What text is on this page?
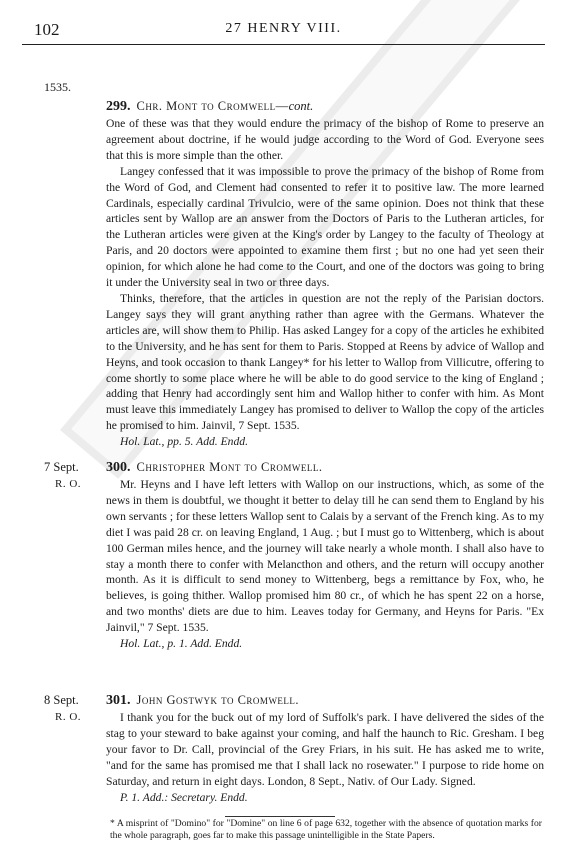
102	27 HENRY VIII.
1535.
299. Chr. Mont to Cromwell—cont.

One of these was that they would endure the primacy of the bishop of Rome to preserve an agreement about doctrine, if he would judge according to the Word of God. Everyone sees that this is more simple than the other.

Langey confessed that it was impossible to prove the primacy of the bishop of Rome from the Word of God, and Clement had consented to refer it to positive law. The more learned Cardinals, especially cardinal Trivulcio, were of the same opinion. Does not think that these articles sent by Wallop are an answer from the Doctors of Paris to the Lutheran articles, for the Lutheran articles were given at the King's order by Langey to the faculty of Theology at Paris, and 20 doctors were appointed to examine them first ; but no one had yet seen their opinion, for which alone he had come to the Court, and one of the doctors was going to bring it under the University seal in two or three days.

Thinks, therefore, that the articles in question are not the reply of the Parisian doctors. Langey says they will grant anything rather than agree with the Germans. Whatever the articles are, will show them to Philip. Has asked Langey for a copy of the articles he exhibited to the University, and he has sent for them to Paris. Stopped at Reens by advice of Wallop and Heyns, and took occasion to thank Langey* for his letter to Wallop from Villicutre, offering to come shortly to some place where he will be able to do good service to the king of England ; adding that Henry had accordingly sent him and Wallop hither to confer with him. As Mont must leave this immediately Langey has promised to deliver to Wallop the copy of the articles he promised to him. Jainvil, 7 Sept. 1535.

Hol. Lat., pp. 5. Add. Endd.
7 Sept.
R. O.
300. Christopher Mont to Cromwell.

Mr. Heyns and I have left letters with Wallop on our instructions, which, as some of the news in them is doubtful, we thought it better to delay till he can send them to England by his own servants ; for these letters Wallop sent to Calais by a servant of the French king. As to my diet I was paid 28 cr. on leaving England, 1 Aug. ; but I must go to Wittenberg, which is about 100 German miles hence, and the journey will take nearly a whole month. I shall also have to stay a month there to confer with Melancthon and others, and the return will occupy another month. As it is difficult to send money to Wittenberg, begs a remittance by Fox, who, he believes, is going thither. Wallop promised him 80 cr., of which he has spent 22 on a horse, and two months' diets are due to him. Leaves today for Germany, and Heyns for Paris. "Ex Jainvil," 7 Sept. 1535.

Hol. Lat., p. 1. Add. Endd.
8 Sept.
R. O.
301. John Gostwyk to Cromwell.

I thank you for the buck out of my lord of Suffolk's park. I have delivered the sides of the stag to your steward to bake against your coming, and half the haunch to Ric. Gresham. I beg your favor to Dr. Call, provincial of the Grey Friars, in his suit. He has asked me to write, "and for the same has promised me that I shall lack no rosewater." I purpose to ride home on Saturday, and return in eight days. London, 8 Sept., Nativ. of Our Lady. Signed.

P. 1. Add.: Secretary. Endd.

* A misprint of "Domino" for "Domine" on line 6 of page 632, together with the absence of quotation marks for the whole paragraph, goes far to make this passage unintelligible in the State Papers.
